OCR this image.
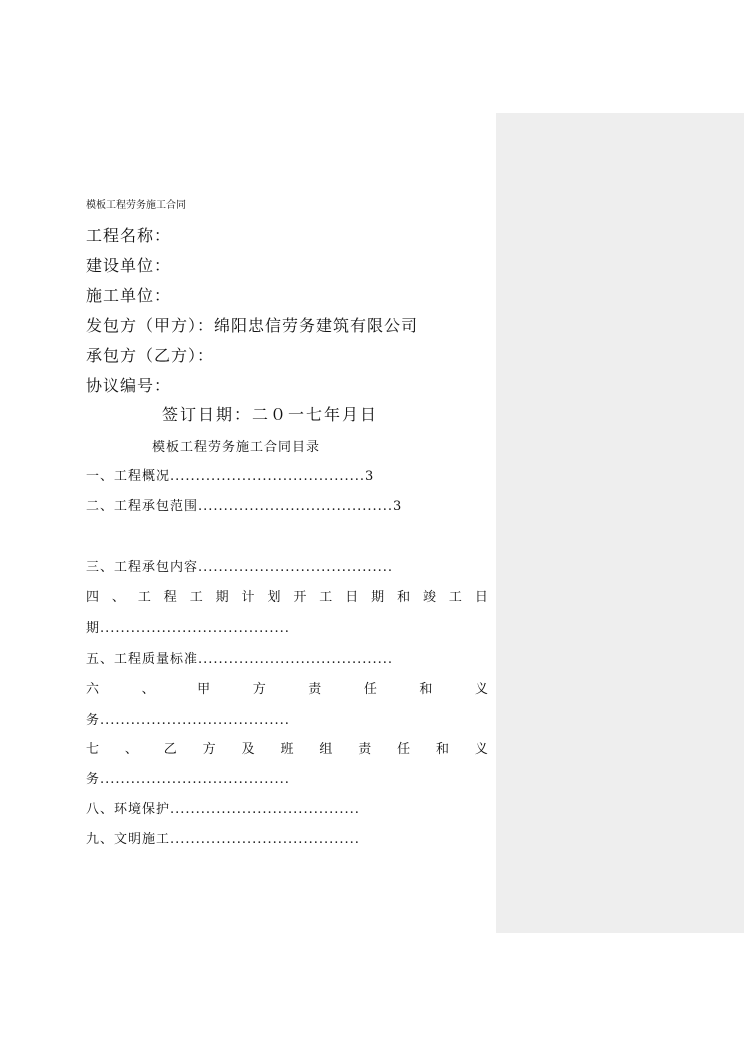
模板工程劳务施工合同
工程名称：
建设单位：
施工单位：
发包方（甲方）：绵阳忠信劳务建筑有限公司
承包方（乙方）：
协议编号：
签订日期：二０一七年月日
模板工程劳务施工合同目录
一、工程概况......................................3
二、工程承包范围......................................3
三、工程承包内容......................................
四 、 工 程 工 期 计 划 开 工 日 期 和 竣 工 日
期.....................................
五、工程质量标准......................................
六	、	甲	方	责	任	和	义
务.....................................
七 、 乙 方 及 班 组 责 任 和 义
务.....................................
八、环境保护.....................................
九、文明施工.....................................
